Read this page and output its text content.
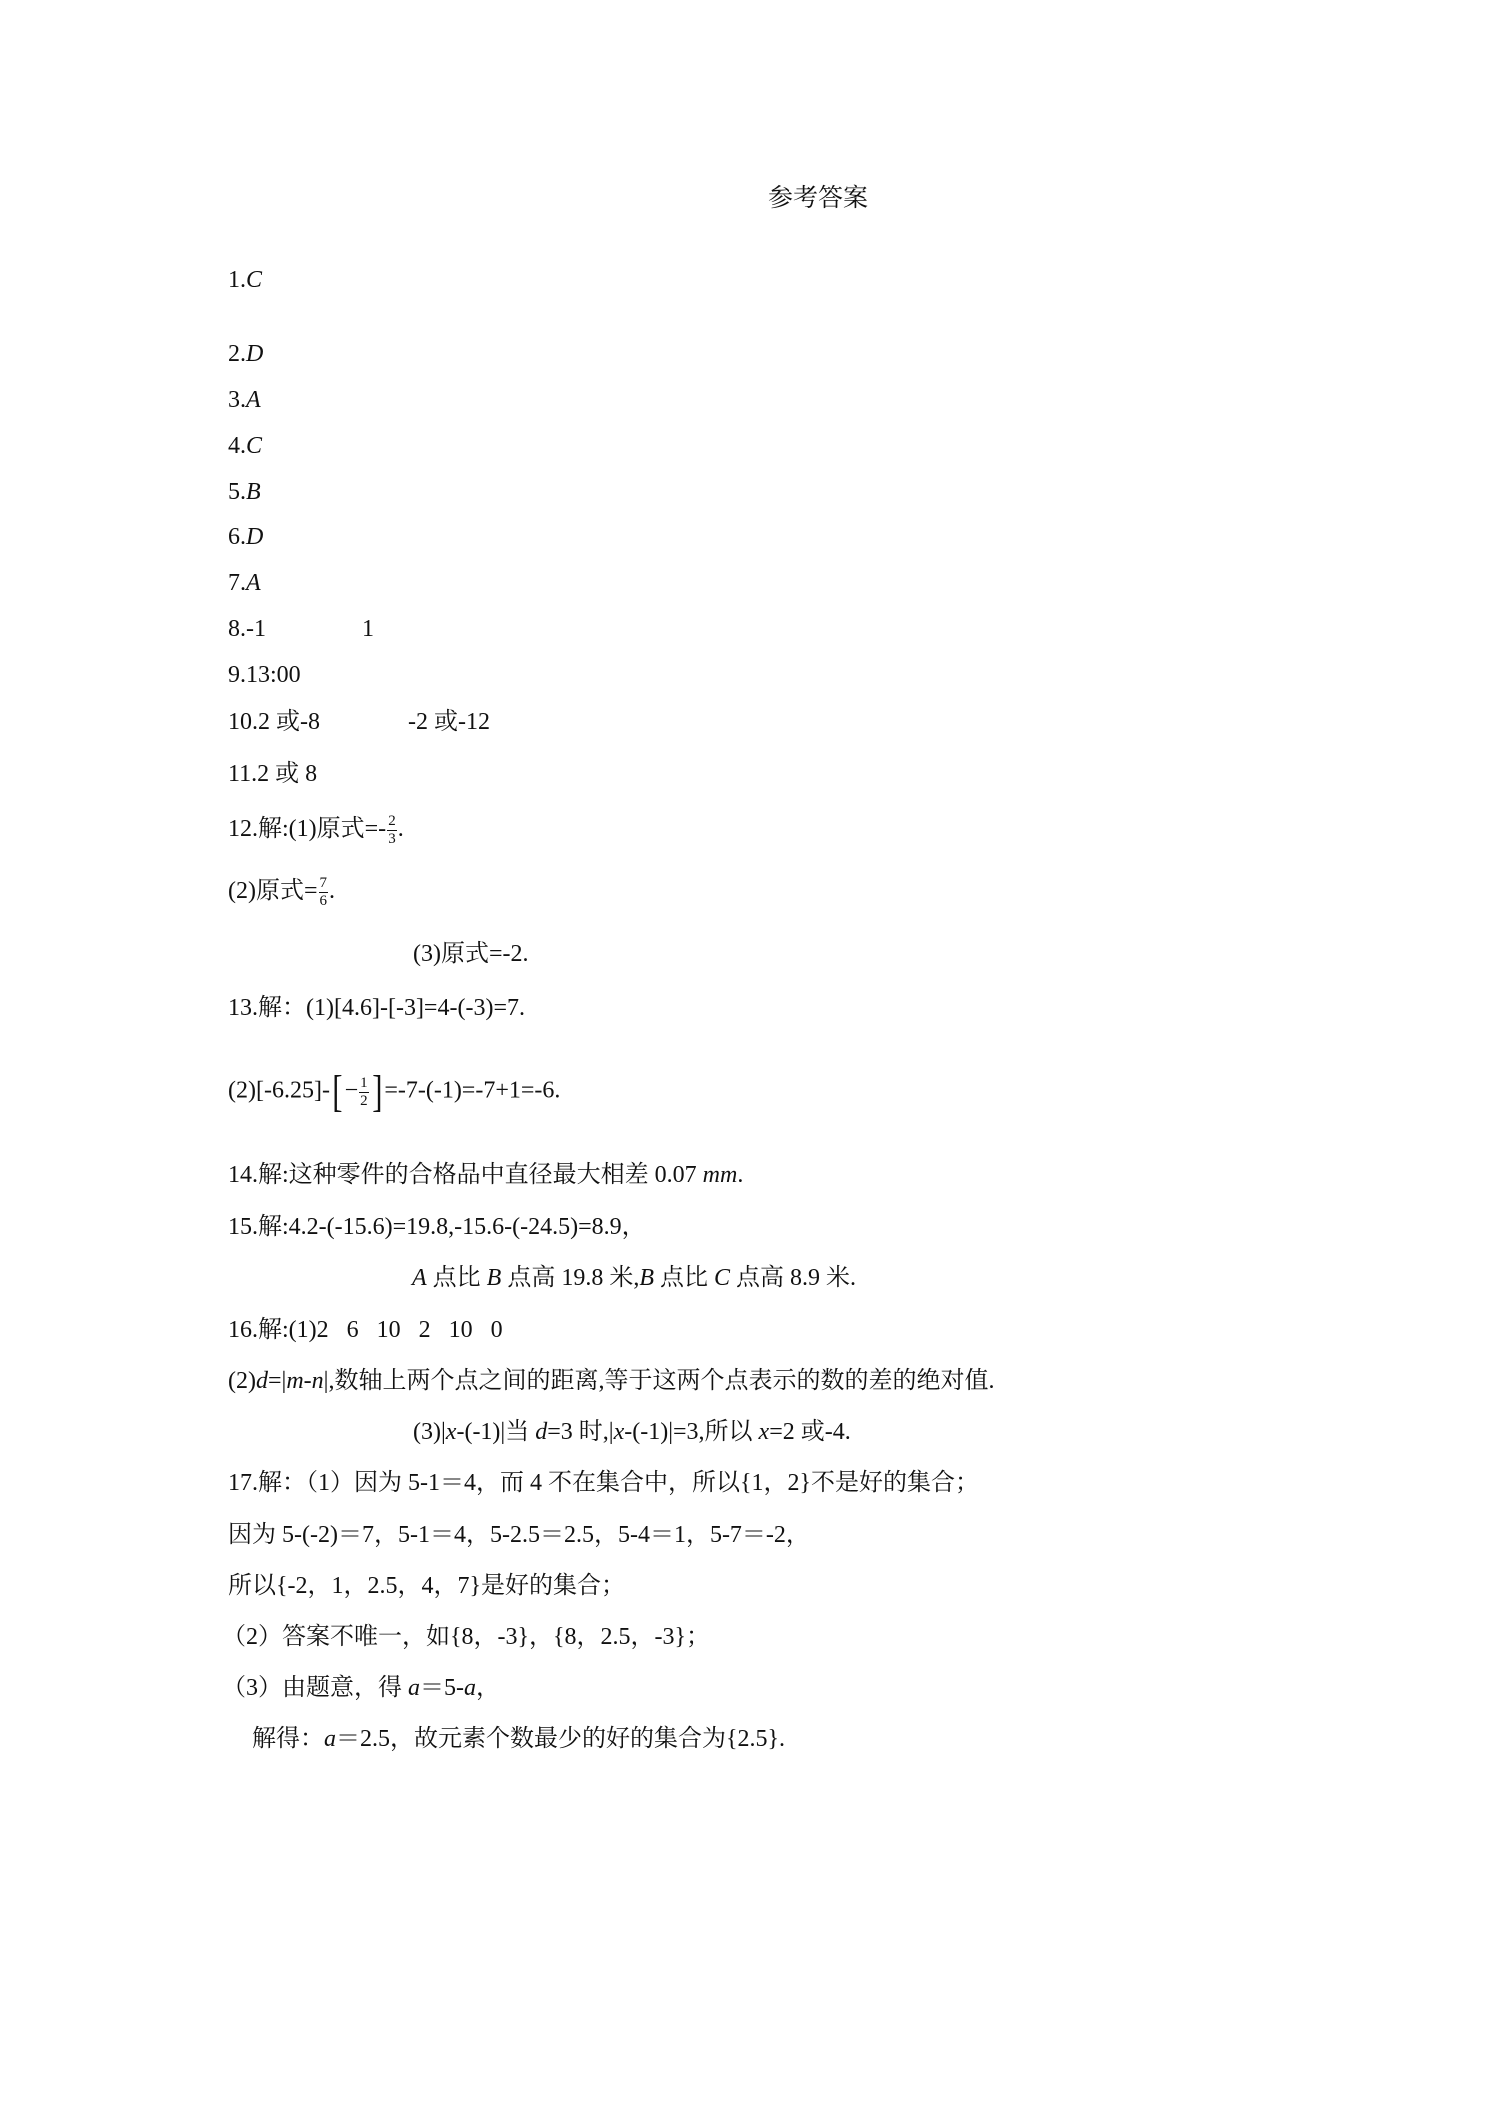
参考答案
1.C
2.D
3.A
4.C
5.B
6.D
7.A
8.-1	1
9.13:00
10.2 或-8	-2 或-12
11.2 或 8
12.解:(1)原式=- $\frac{2}{3}$ .
(2)原式= $\frac{7}{6}$ .
(3)原式=-2.
13.解：(1)[4.6]-[-3]=4-(-3)=7.
$(2)[-6.25]-[- \frac{1}{2} ]=-7-(-1)=-7+1=-6$.
14.解:这种零件的合格品中直径最大相差 0.07 mm.
15.解:4.2-(-15.6)=19.8,-15.6-(-24.5)=8.9，
A 点比 B 点高 19.8 米,B 点比 C 点高 8.9 米.
16.解:(1)2   6   10   2   10   0
(2)d=|m-n|,数轴上两个点之间的距离,等于这两个点表示的数的差的绝对值.
(3)|x-(-1)|当 d=3 时,|x-(-1)|=3,所以 x=2 或-4.
17.解：（1）因为 5-1＝4，而 4 不在集合中，所以{1，2}不是好的集合；
因为 5-(-2)＝7，5-1＝4，5-2.5＝2.5，5-4＝1，5-7＝-2，
所以{-2，1，2.5，4，7}是好的集合；
（2）答案不唯一，如{8，-3}，{8，2.5，-3}；
（3）由题意，得 a＝5-a，
解得：a＝2.5，故元素个数最少的好的集合为{2.5}.
